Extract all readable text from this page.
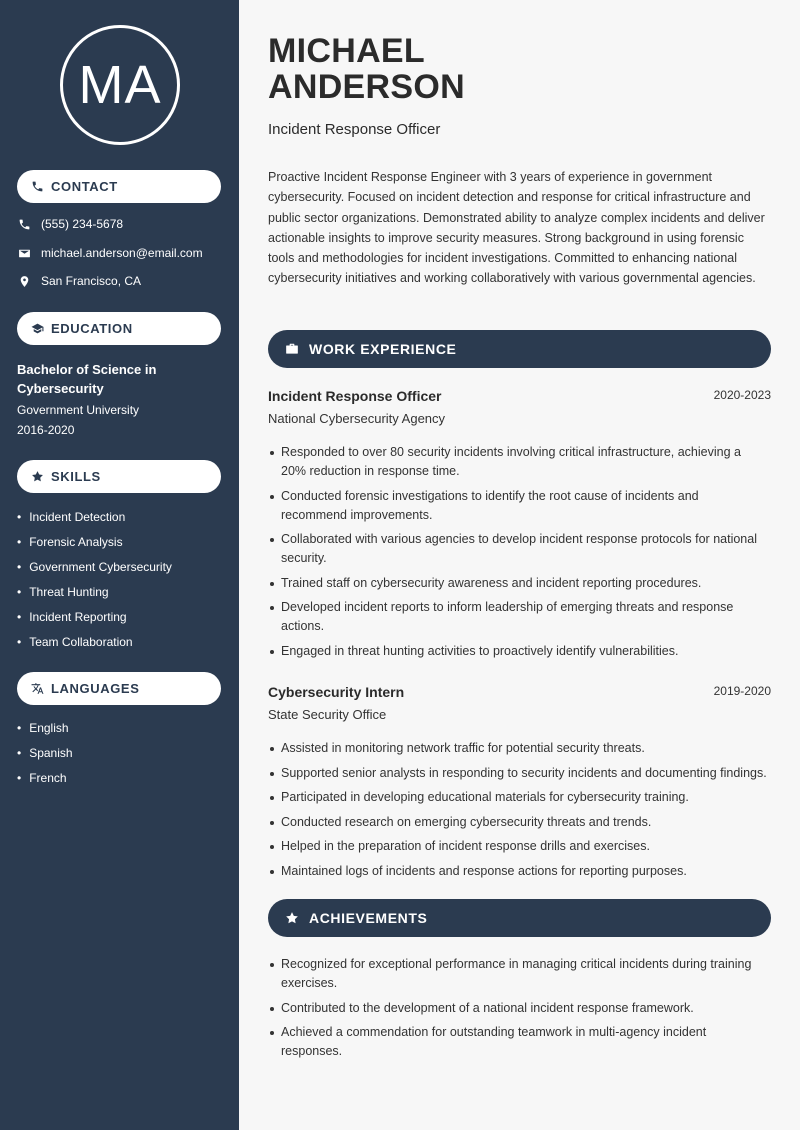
MA
CONTACT
(555) 234-5678
michael.anderson@email.com
San Francisco, CA
EDUCATION
Bachelor of Science in Cybersecurity
Government University
2016-2020
SKILLS
• Incident Detection
• Forensic Analysis
• Government Cybersecurity
• Threat Hunting
• Incident Reporting
• Team Collaboration
LANGUAGES
• English
• Spanish
• French
MICHAEL
ANDERSON
Incident Response Officer

Proactive Incident Response Engineer with 3 years of experience in government cybersecurity. Focused on incident detection and response for critical infrastructure and public sector organizations. Demonstrated ability to analyze complex incidents and deliver actionable insights to improve security measures. Strong background in using forensic tools and methodologies for incident investigations. Committed to enhancing national cybersecurity initiatives and working collaboratively with various governmental agencies.

WORK EXPERIENCE
Incident Response Officer	2020-2023
National Cybersecurity Agency
Responded to over 80 security incidents involving critical infrastructure, achieving a 20% reduction in response time.
Conducted forensic investigations to identify the root cause of incidents and recommend improvements.
Collaborated with various agencies to develop incident response protocols for national security.
Trained staff on cybersecurity awareness and incident reporting procedures.
Developed incident reports to inform leadership of emerging threats and response actions.
Engaged in threat hunting activities to proactively identify vulnerabilities.
Cybersecurity Intern	2019-2020
State Security Office
Assisted in monitoring network traffic for potential security threats.
Supported senior analysts in responding to security incidents and documenting findings.
Participated in developing educational materials for cybersecurity training.
Conducted research on emerging cybersecurity threats and trends.
Helped in the preparation of incident response drills and exercises.
Maintained logs of incidents and response actions for reporting purposes.
ACHIEVEMENTS
Recognized for exceptional performance in managing critical incidents during training exercises.
Contributed to the development of a national incident response framework.
Achieved a commendation for outstanding teamwork in multi-agency incident responses.
